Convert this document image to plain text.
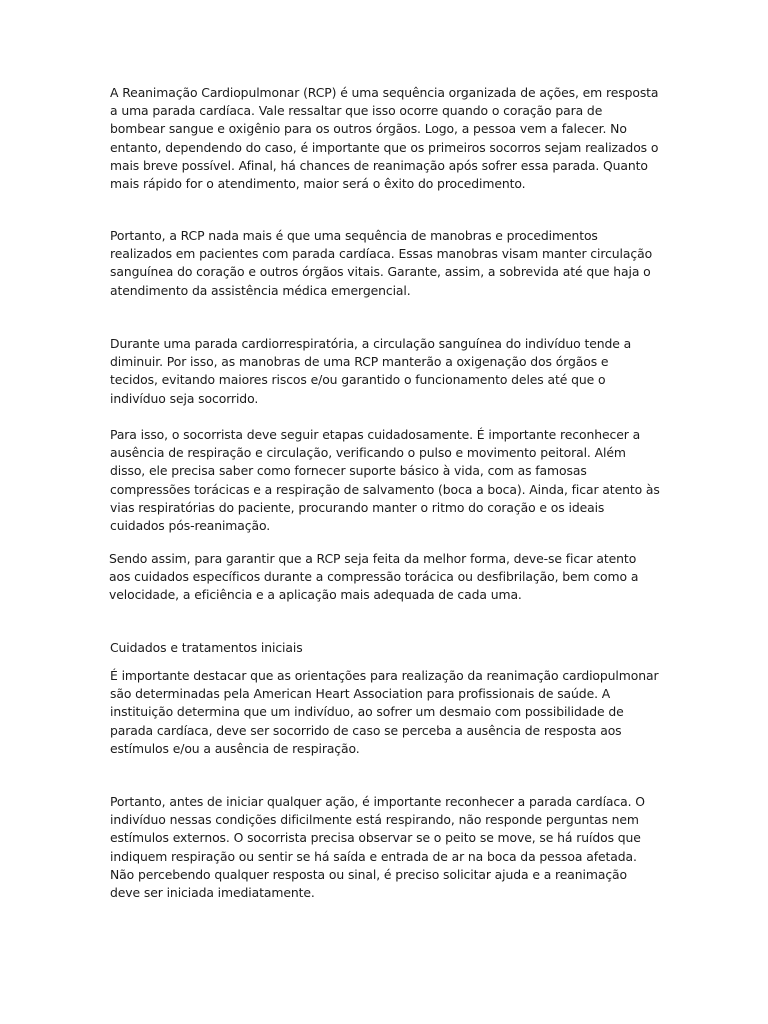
A Reanimação Cardiopulmonar (RCP) é uma sequência organizada de ações, em resposta a uma parada cardíaca. Vale ressaltar que isso ocorre quando o coração para de bombear sangue e oxigênio para os outros órgãos. Logo, a pessoa vem a falecer. No entanto, dependendo do caso, é importante que os primeiros socorros sejam realizados o mais breve possível. Afinal, há chances de reanimação após sofrer essa parada. Quanto mais rápido for o atendimento, maior será o êxito do procedimento.

Portanto, a RCP nada mais é que uma sequência de manobras e procedimentos realizados em pacientes com parada cardíaca. Essas manobras visam manter circulação sanguínea do coração e outros órgãos vitais. Garante, assim, a sobrevida até que haja o atendimento da assistência médica emergencial.

Durante uma parada cardiorrespiratória, a circulação sanguínea do indivíduo tende a diminuir. Por isso, as manobras de uma RCP manterão a oxigenação dos órgãos e tecidos, evitando maiores riscos e/ou garantido o funcionamento deles até que o indivíduo seja socorrido.

Para isso, o socorrista deve seguir etapas cuidadosamente. É importante reconhecer a ausência de respiração e circulação, verificando o pulso e movimento peitoral. Além disso, ele precisa saber como fornecer suporte básico à vida, com as famosas compressões torácicas e a respiração de salvamento (boca a boca). Ainda, ficar atento às vias respiratórias do paciente, procurando manter o ritmo do coração e os ideais cuidados pós-reanimação.

Sendo assim, para garantir que a RCP seja feita da melhor forma, deve-se ficar atento aos cuidados específicos durante a compressão torácica ou desfibrilação, bem como a velocidade, a eficiência e a aplicação mais adequada de cada uma.

Cuidados e tratamentos iniciais

É importante destacar que as orientações para realização da reanimação cardiopulmonar são determinadas pela American Heart Association para profissionais de saúde. A instituição determina que um indivíduo, ao sofrer um desmaio com possibilidade de parada cardíaca, deve ser socorrido de caso se perceba a ausência de resposta aos estímulos e/ou a ausência de respiração.

Portanto, antes de iniciar qualquer ação, é importante reconhecer a parada cardíaca. O indivíduo nessas condições dificilmente está respirando, não responde perguntas nem estímulos externos. O socorrista precisa observar se o peito se move, se há ruídos que indiquem respiração ou sentir se há saída e entrada de ar na boca da pessoa afetada. Não percebendo qualquer resposta ou sinal, é preciso solicitar ajuda e a reanimação deve ser iniciada imediatamente.
